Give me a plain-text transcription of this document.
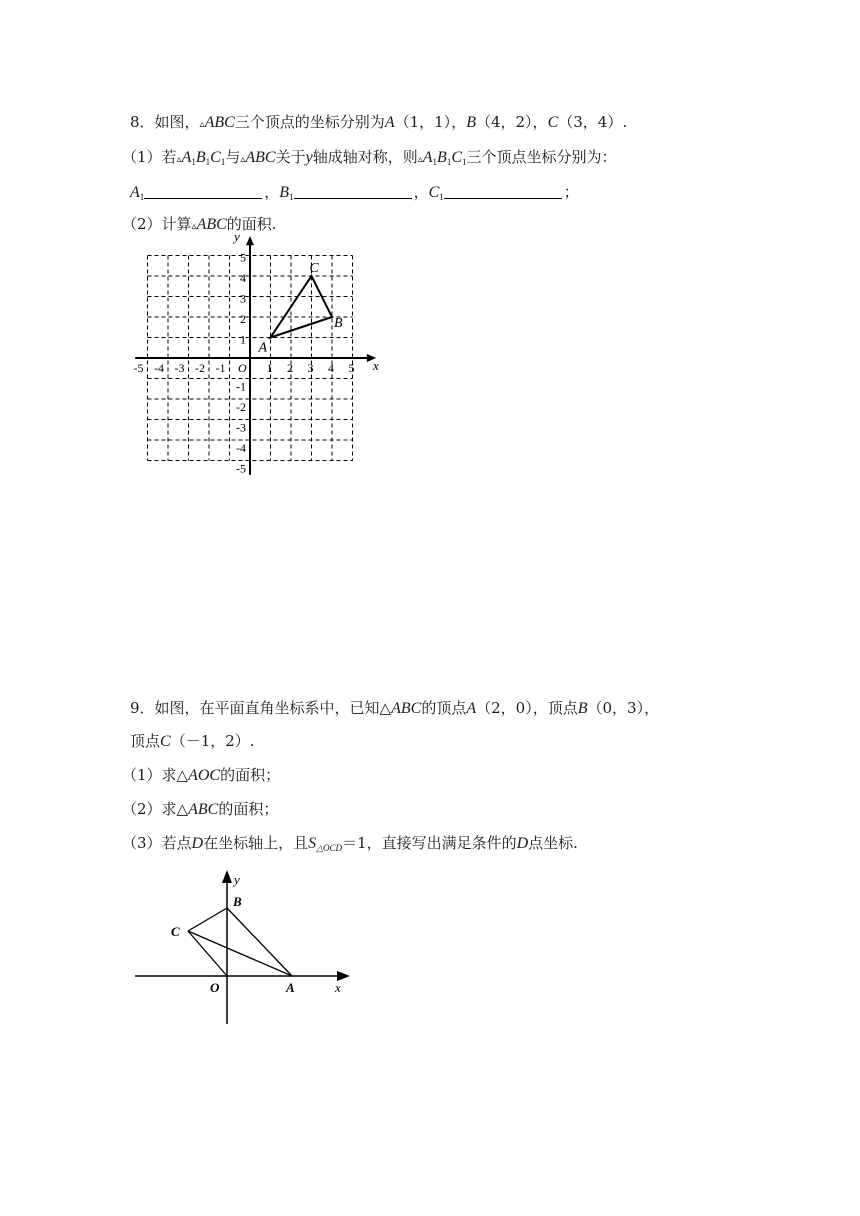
8．如图，▵ABC三个顶点的坐标分别为A（1，1），B（4，2），C（3，4）.
（1）若$▵A_1B_1C_1$与▵ABC关于y轴成轴对称，则$▵A_1B_1C_1$三个顶点坐标分别为：
$A_1$	，$B_1$	，$C_1$	；
（2）计算▵ABC的面积.
-5 -4 -3 -2 -1	1 2 3 4 5
5
4
3
2
1
-1
-2
-3
-4
-5
O	x
y
A
B
C
9．如图，在平面直角坐标系中，已知△ABC的顶点A（2，0），顶点B（0，3），
顶点C（－1，2）.
（1）求△AOC的面积；
（2）求△ABC的面积；
（3）若点D在坐标轴上，且$S_{\triangle OCD}=1$，直接写出满足条件的D点坐标.
y
x
B
C
O	A
